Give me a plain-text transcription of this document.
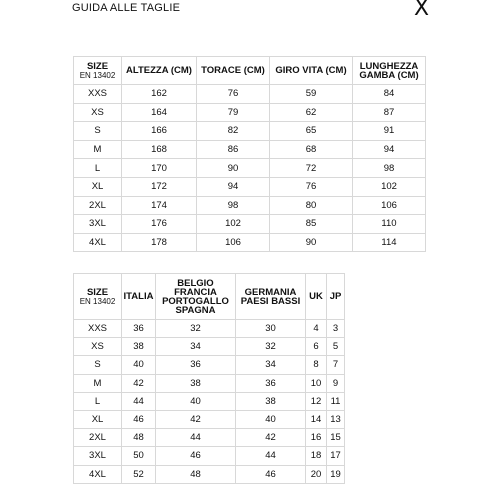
GUIDA ALLE TAGLIE	X
SIZE
EN 13402	ALTEZZA (CM)	TORACE (CM)	GIRO VITA (CM)	LUNGHEZZA GAMBA (CM)
XXS	162	76	59	84
XS	164	79	62	87
S	166	82	65	91
M	168	86	68	94
L	170	90	72	98
XL	172	94	76	102
2XL	174	98	80	106
3XL	176	102	85	110
4XL	178	106	90	114
SIZE
EN 13402	ITALIA	BELGIO FRANCIA PORTOGALLO SPAGNA	GERMANIA PAESI BASSI	UK	JP
XXS	36	32	30	4	3
XS	38	34	32	6	5
S	40	36	34	8	7
M	42	38	36	10	9
L	44	40	38	12	11
XL	46	42	40	14	13
2XL	48	44	42	16	15
3XL	50	46	44	18	17
4XL	52	48	46	20	19
